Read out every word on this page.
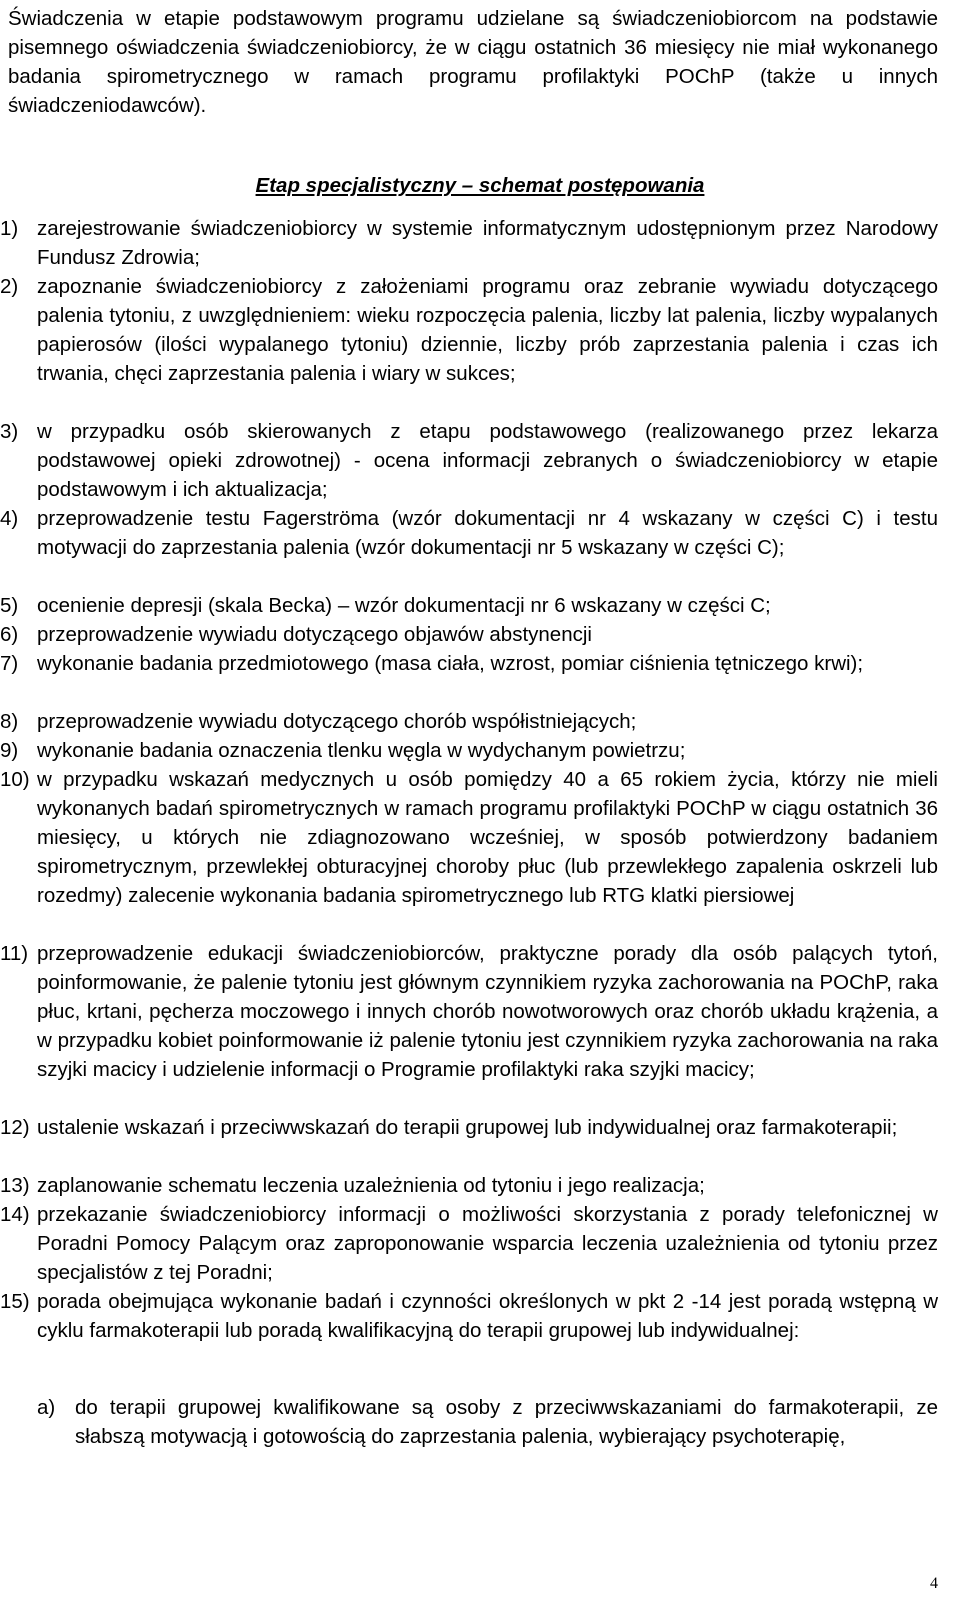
Świadczenia w etapie podstawowym programu udzielane są świadczeniobiorcom na podstawie pisemnego oświadczenia świadczeniobiorcy, że w ciągu ostatnich 36 miesięcy nie miał wykonanego badania spirometrycznego w ramach programu profilaktyki POChP (także u innych świadczeniodawców).

Etap specjalistyczny – schemat postępowania

1) zarejestrowanie świadczeniobiorcy w systemie informatycznym udostępnionym przez Narodowy Fundusz Zdrowia;
2) zapoznanie świadczeniobiorcy z założeniami programu oraz zebranie wywiadu dotyczącego palenia tytoniu, z uwzględnieniem: wieku rozpoczęcia palenia, liczby lat palenia, liczby wypalanych papierosów (ilości wypalanego tytoniu) dziennie, liczby prób zaprzestania palenia i czas ich trwania, chęci zaprzestania palenia i wiary w sukces;
3) w przypadku osób skierowanych z etapu podstawowego (realizowanego przez lekarza podstawowej opieki zdrowotnej) - ocena informacji zebranych o świadczeniobiorcy w etapie podstawowym i ich aktualizacja;
4) przeprowadzenie testu Fagerströma (wzór dokumentacji nr 4 wskazany w części C) i testu motywacji do zaprzestania palenia (wzór dokumentacji nr 5 wskazany w części C);
5) ocenienie depresji (skala Becka) – wzór dokumentacji nr 6 wskazany w części C;
6) przeprowadzenie wywiadu dotyczącego objawów abstynencji
7) wykonanie badania przedmiotowego (masa ciała, wzrost, pomiar ciśnienia tętniczego krwi);
8) przeprowadzenie wywiadu dotyczącego chorób współistniejących;
9) wykonanie badania oznaczenia tlenku węgla w wydychanym powietrzu;
10) w przypadku wskazań medycznych u osób pomiędzy 40 a 65 rokiem życia, którzy nie mieli wykonanych badań spirometrycznych w ramach programu profilaktyki POChP w ciągu ostatnich 36 miesięcy, u których nie zdiagnozowano wcześniej, w sposób potwierdzony badaniem spirometrycznym, przewlekłej obturacyjnej choroby płuc (lub przewlekłego zapalenia oskrzeli lub rozedmy) zalecenie wykonania badania spirometrycznego lub RTG klatki piersiowej
11) przeprowadzenie edukacji świadczeniobiorców, praktyczne porady dla osób palących tytoń, poinformowanie, że palenie tytoniu jest głównym czynnikiem ryzyka zachorowania na POChP, raka płuc, krtani, pęcherza moczowego i innych chorób nowotworowych oraz chorób układu krążenia, a w przypadku kobiet poinformowanie iż palenie tytoniu jest czynnikiem ryzyka zachorowania na raka szyjki macicy i udzielenie informacji o Programie profilaktyki raka szyjki macicy;
12) ustalenie wskazań i przeciwwskazań do terapii grupowej lub indywidualnej oraz farmakoterapii;
13) zaplanowanie schematu leczenia uzależnienia od tytoniu i jego realizacja;
14) przekazanie świadczeniobiorcy informacji o możliwości skorzystania z porady telefonicznej w Poradni Pomocy Palącym oraz zaproponowanie wsparcia leczenia uzależnienia od tytoniu przez specjalistów z tej Poradni;
15) porada obejmująca wykonanie badań i czynności określonych w pkt 2 -14 jest poradą wstępną w cyklu farmakoterapii lub poradą kwalifikacyjną do terapii grupowej lub indywidualnej:
a) do terapii grupowej kwalifikowane są osoby z przeciwwskazaniami do farmakoterapii, ze słabszą motywacją i gotowością do zaprzestania palenia, wybierający psychoterapię,
4
